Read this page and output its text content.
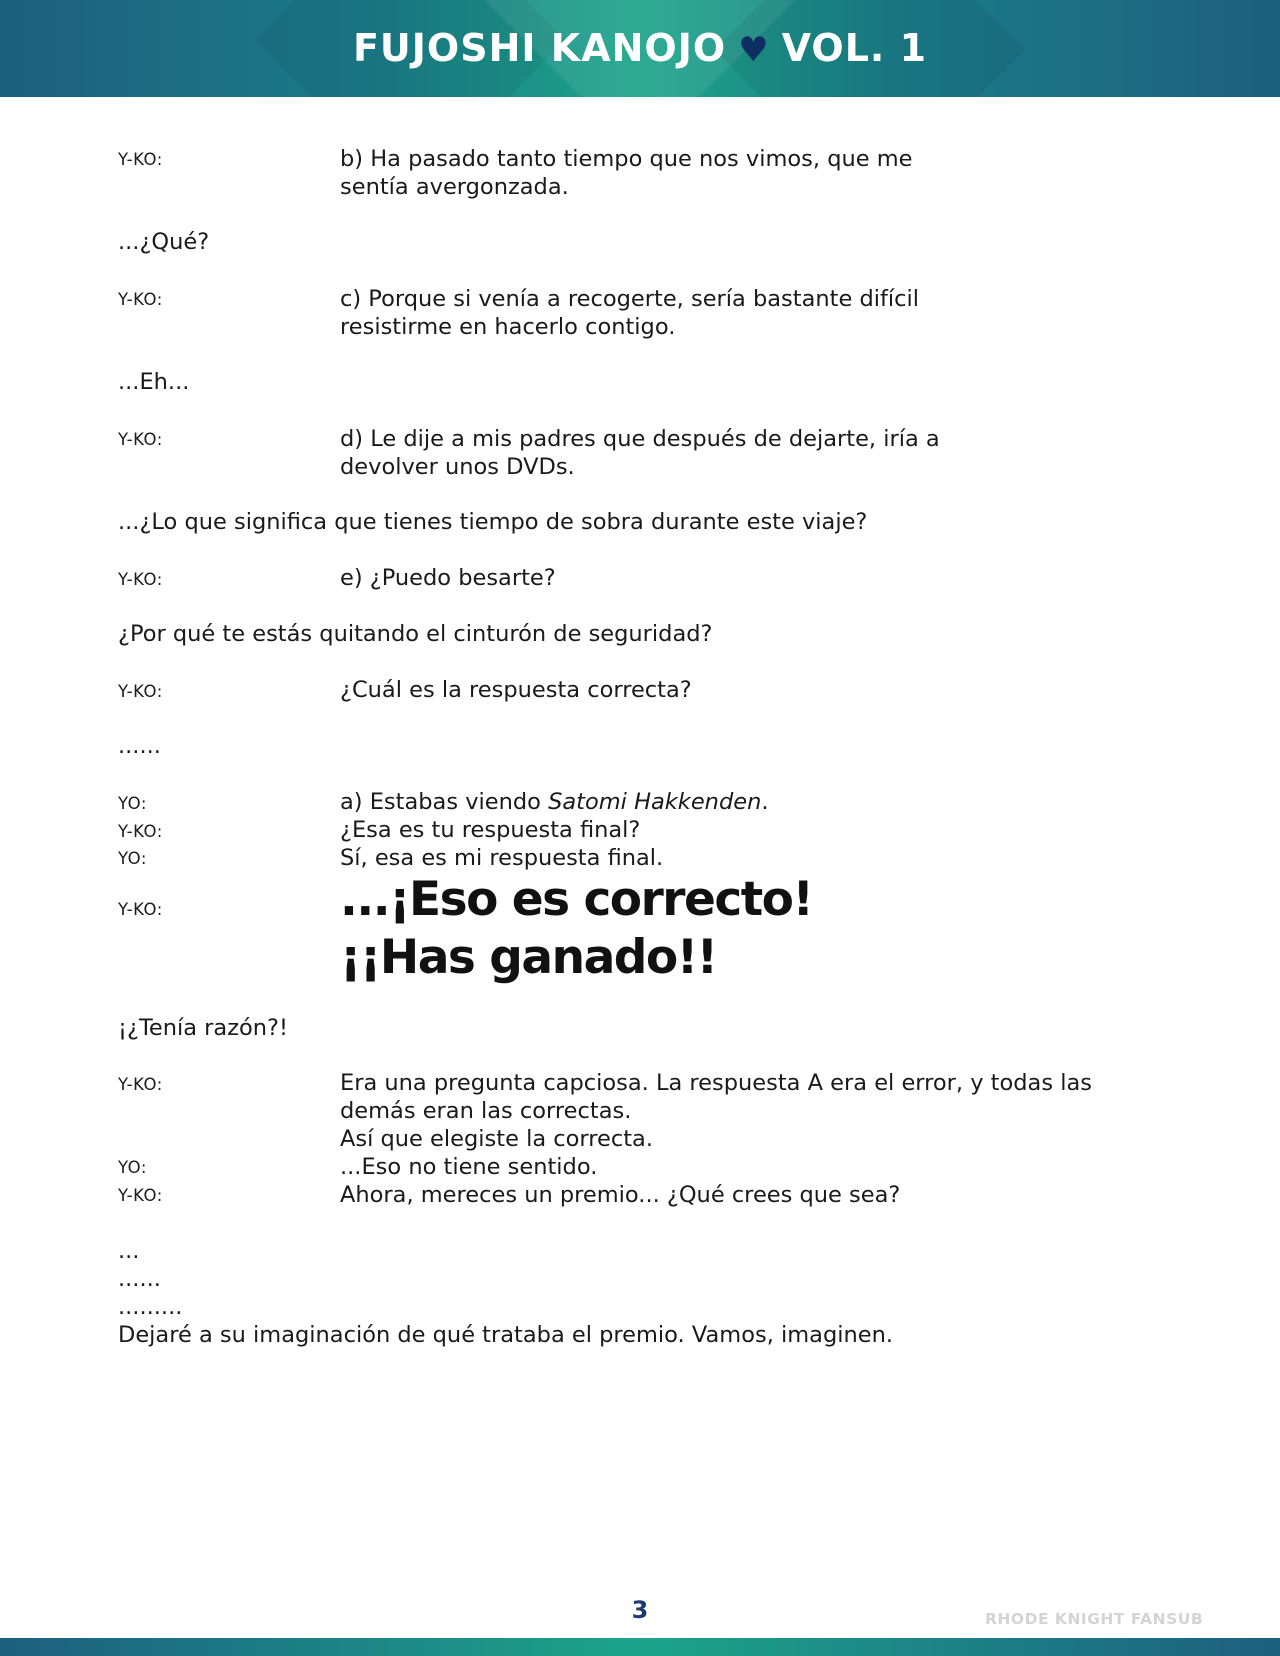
FUJOSHI KANOJO ♥ VOL. 1
Y-KO:	b) Ha pasado tanto tiempo que nos vimos, que me
sentía avergonzada.
...¿Qué?
Y-KO:	c) Porque si venía a recogerte, sería bastante difícil
resistirme en hacerlo contigo.
...Eh...
Y-KO:	d) Le dije a mis padres que después de dejarte, iría a
devolver unos DVDs.
...¿Lo que significa que tienes tiempo de sobra durante este viaje?
Y-KO:	e) ¿Puedo besarte?
¿Por qué te estás quitando el cinturón de seguridad?
Y-KO:	¿Cuál es la respuesta correcta?
......
YO:	a) Estabas viendo Satomi Hakkenden.
Y-KO:	¿Esa es tu respuesta final?
YO:	Sí, esa es mi respuesta final.
Y-KO:	...¡Eso es correcto!
¡¡Has ganado!!
¡¿Tenía razón?!
Y-KO:	Era una pregunta capciosa. La respuesta A era el error, y todas las
demás eran las correctas.
Así que elegiste la correcta.
YO:	...Eso no tiene sentido.
Y-KO:	Ahora, mereces un premio... ¿Qué crees que sea?
...
......
.........
Dejaré a su imaginación de qué trataba el premio. Vamos, imaginen.
3	RHODE KNIGHT FANSUB
